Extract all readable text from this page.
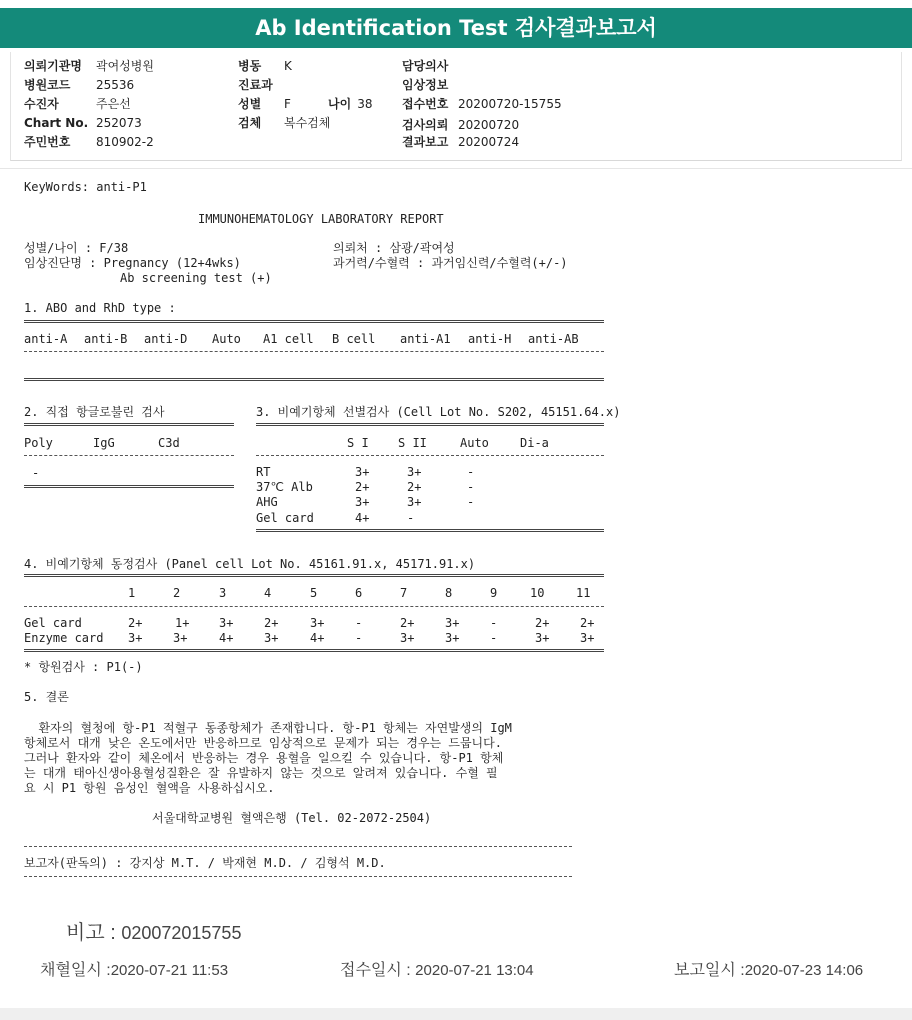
Ab Identification Test 검사결과보고서
의뢰기관명 곽여성병원
병원코드 25536
수진자	주은선
Chart No. 252073
주민번호 810902-2
병동 K
진료과
성별 F	나이 38
검체 복수검체
담당의사
임상정보
접수번호 20200720-15755
검사의뢰 20200720
결과보고 20200724
KeyWords: anti-P1
IMMUNOHEMATOLOGY LABORATORY REPORT
성별/나이 : F/38
임상진단명 : Pregnancy (12+4wks)
Ab screening test (+)
의뢰처 : 삼광/곽여성
과거력/수혈력 : 과거임신력/수혈력(+/-)
1. ABO and RhD type :
anti-A anti-B anti-D Auto A1 cell B cell anti-A1 anti-H anti-AB
2. 직접 항글로불린 검사
Poly	IgG	C3d
-
3. 비예기항체 선별검사 (Cell Lot No. S202, 45151.64.x)
S I S II	Auto	Di-a
RT	3+	3+	-
37℃ Alb	2+	2+	-
AHG	3+	3+	-
Gel card	4+	-
4. 비예기항체 동정검사 (Panel cell Lot No. 45161.91.x, 45171.91.x)
1	2	3	4	5	6	7	8	9	10	11
Gel card	2+	1+ 3+	2+	3+	-	2+	3+	-	2+	2+
Enzyme card 3+	3+	4+	3+	4+	-	3+	3+	-	3+	3+
* 항원검사 : P1(-)
5. 결론
환자의 혈청에 항-P1 적혈구 동종항체가 존재합니다. 항-P1 항체는 자연발생의 IgM
항체로서 대개 낮은 온도에서만 반응하므로 임상적으로 문제가 되는 경우는 드뭅니다.
그러나 환자와 같이 체온에서 반응하는 경우 용혈을 일으킬 수 있습니다. 항-P1 항체
는 대개 태아신생아용혈성질환은 잘 유발하지 않는 것으로 알려져 있습니다. 수혈 필
요 시 P1 항원 음성인 혈액을 사용하십시오.
서울대학교병원 혈액은행 (Tel. 02-2072-2504)
보고자(판독의) : 강지상 M.T. / 박재현 M.D. / 김형석 M.D.
비고 : 020072015755
채혈일시 :2020-07-21 11:53	접수일시 : 2020-07-21 13:04	보고일시 :2020-07-23 14:06
